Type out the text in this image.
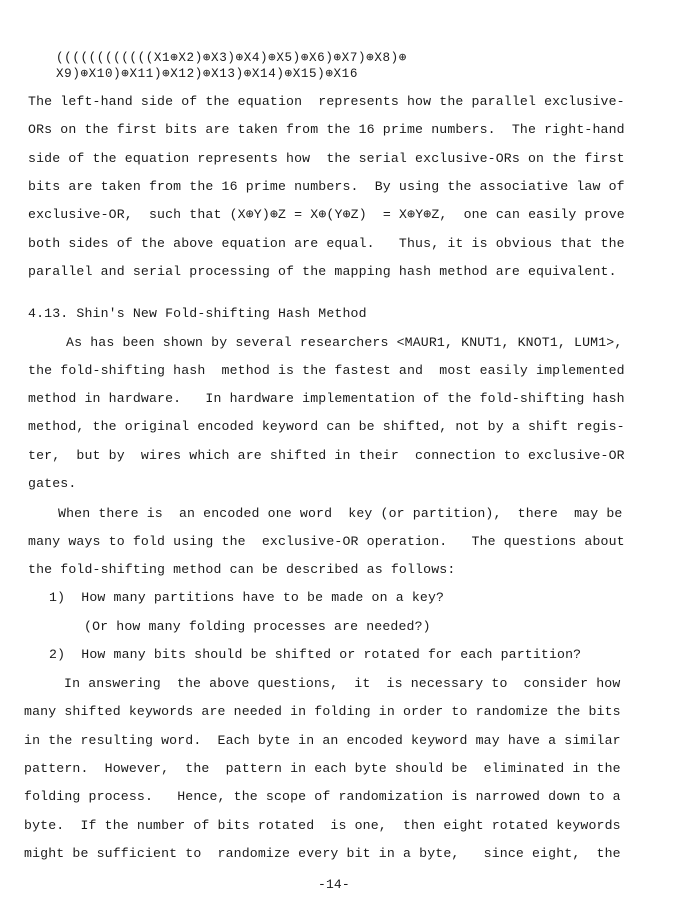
((((((((((((X1⊕X2)⊕X3)⊕X4)⊕X5)⊕X6)⊕X7)⊕X8)⊕

X9)⊕X10)⊕X11)⊕X12)⊕X13)⊕X14)⊕X15)⊕X16

The left-hand side of the equation  represents how the parallel exclusive-

ORs on the first bits are taken from the 16 prime numbers.  The right-hand

side of the equation represents how  the serial exclusive-ORs on the first

bits are taken from the 16 prime numbers.  By using the associative law of

exclusive-OR,  such that (X⊕Y)⊕Z = X⊕(Y⊕Z)  = X⊕Y⊕Z,  one can easily prove

both sides of the above equation are equal.   Thus, it is obvious that the

parallel and serial processing of the mapping hash method are equivalent.

4.13. Shin's New Fold-shifting Hash Method

As has been shown by several researchers <MAUR1, KNUT1, KNOT1, LUM1>,

the fold-shifting hash  method is the fastest and  most easily implemented

method in hardware.   In hardware implementation of the fold-shifting hash

method, the original encoded keyword can be shifted, not by a shift regis-

ter,  but by  wires which are shifted in their  connection to exclusive-OR

gates.

When there is  an encoded one word  key (or partition),  there  may be

many ways to fold using the  exclusive-OR operation.   The questions about

the fold-shifting method can be described as follows:

1)  How many partitions have to be made on a key?

(Or how many folding processes are needed?)

2)  How many bits should be shifted or rotated for each partition?

In answering  the above questions,  it  is necessary to  consider how

many shifted keywords are needed in folding in order to randomize the bits

in the resulting word.  Each byte in an encoded keyword may have a similar

pattern.  However,  the  pattern in each byte should be  eliminated in the

folding process.   Hence, the scope of randomization is narrowed down to a

byte.  If the number of bits rotated  is one,  then eight rotated keywords

might be sufficient to  randomize every bit in a byte,   since eight,  the

-14-
